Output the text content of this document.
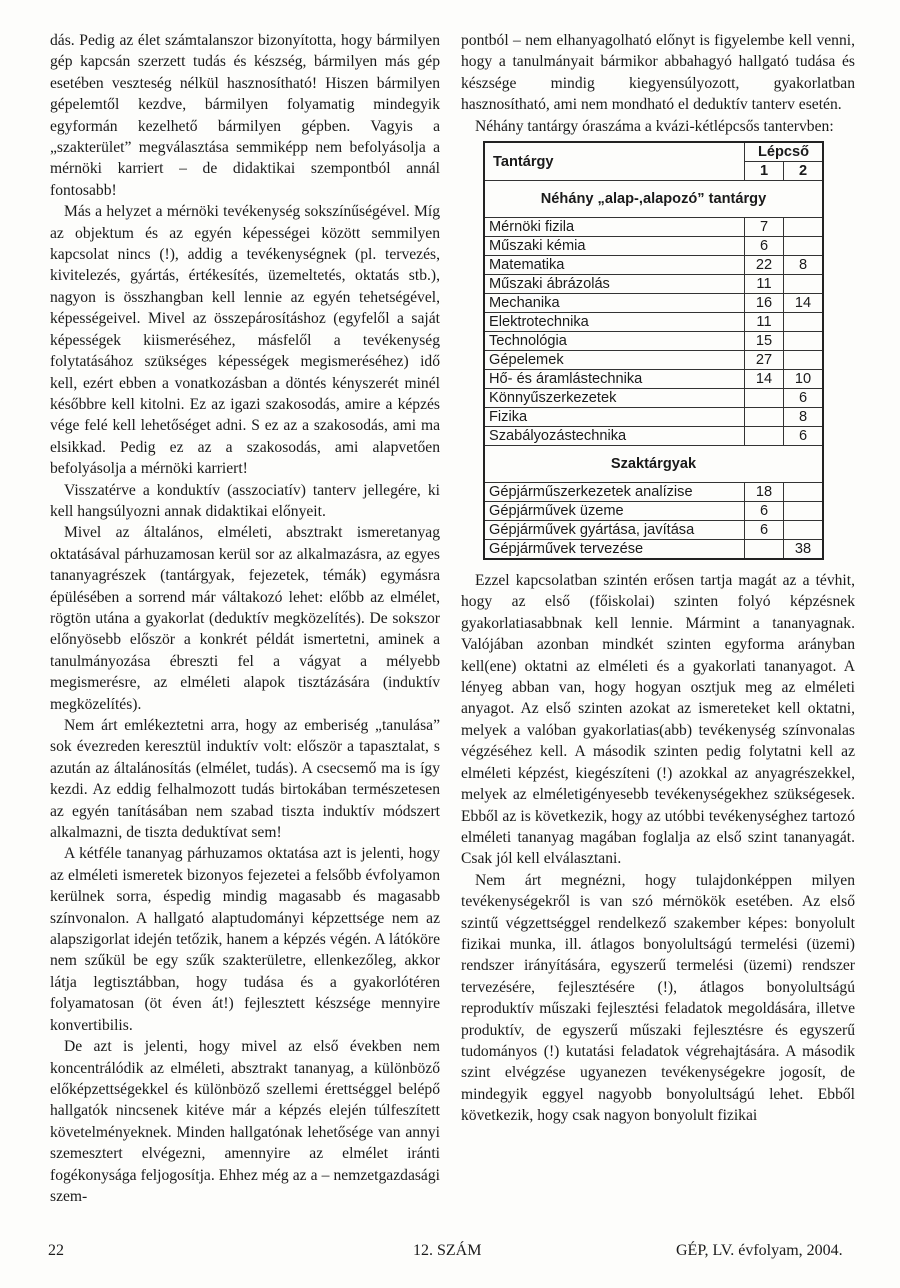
dás. Pedig az élet számtalanszor bizonyította, hogy bármilyen gép kapcsán szerzett tudás és készség, bármilyen más gép esetében veszteség nélkül hasznosítható! Hiszen bármilyen gépelemtől kezdve, bármilyen folyamatig mindegyik egyformán kezelhető bármilyen gépben. Vagyis a „szakterület” megválasztása semmiképp nem befolyásolja a mérnöki karriert – de didaktikai szempontból annál fontosabb!

Más a helyzet a mérnöki tevékenység sokszínűségével. Míg az objektum és az egyén képességei között semmilyen kapcsolat nincs (!), addig a tevékenységnek (pl. tervezés, kivitelezés, gyártás, értékesítés, üzemeltetés, oktatás stb.), nagyon is összhangban kell lennie az egyén tehetségével, képességeivel. Mivel az összepárosításhoz (egyfelől a saját képességek kiismeréséhez, másfelől a tevékenység folytatásához szükséges képességek megismeréséhez) idő kell, ezért ebben a vonatkozásban a döntés kényszerét minél későbbre kell kitolni. Ez az igazi szakosodás, amire a képzés vége felé kell lehetőséget adni. S ez az a szakosodás, ami ma elsikkad. Pedig ez az a szakosodás, ami alapvetően befolyásolja a mérnöki karriert!

Visszatérve a konduktív (asszociatív) tanterv jellegére, ki kell hangsúlyozni annak didaktikai előnyeit.

Mivel az általános, elméleti, absztrakt ismeretanyag oktatásával párhuzamosan kerül sor az alkalmazásra, az egyes tananyagrészek (tantárgyak, fejezetek, témák) egymásra épülésében a sorrend már váltakozó lehet: előbb az elmélet, rögtön utána a gyakorlat (deduktív megközelítés). De sokszor előnyösebb először a konkrét példát ismertetni, aminek a tanulmányozása ébreszti fel a vágyat a mélyebb megismerésre, az elméleti alapok tisztázására (induktív megközelítés).

Nem árt emlékeztetni arra, hogy az emberiség „tanulása” sok évezreden keresztül induktív volt: először a tapasztalat, s azután az általánosítás (elmélet, tudás). A csecsemő ma is így kezdi. Az eddig felhalmozott tudás birtokában természetesen az egyén tanításában nem szabad tiszta induktív módszert alkalmazni, de tiszta deduktívat sem!

A kétféle tananyag párhuzamos oktatása azt is jelenti, hogy az elméleti ismeretek bizonyos fejezetei a felsőbb évfolyamon kerülnek sorra, éspedig mindig magasabb és magasabb színvonalon. A hallgató alaptudományi képzettsége nem az alapszigorlat idején tetőzik, hanem a képzés végén. A látóköre nem szűkül be egy szűk szakterületre, ellenkezőleg, akkor látja legtisztábban, hogy tudása és a gyakorlótéren folyamatosan (öt éven át!) fejlesztett készsége mennyire konvertibilis.

De azt is jelenti, hogy mivel az első években nem koncentrálódik az elméleti, absztrakt tananyag, a különböző előképzettségekkel és különböző szellemi érettséggel belépő hallgatók nincsenek kitéve már a képzés elején túlfeszített követelményeknek. Minden hallgatónak lehetősége van annyi szemesztert elvégezni, amennyire az elmélet iránti fogékonysága feljogosítja. Ehhez még az a – nemzetgazdasági szem-

pontból – nem elhanyagolható előnyt is figyelembe kell venni, hogy a tanulmányait bármikor abbahagyó hallgató tudása és készsége mindig kiegyensúlyozott, gyakorlatban hasznosítható, ami nem mondható el deduktív tanterv esetén.

Néhány tantárgy óraszáma a kvázi-kétlépcsős tantervben:

Tantárgy	Lépcső	
	1	2
Néhány „alap-,alapozó” tantárgy		
Mérnöki fizila	7	
Műszaki kémia	6	
Matematika	22	8
Műszaki ábrázolás	11	
Mechanika	16	14
Elektrotechnika	11	
Technológia	15	
Gépelemek	27	
Hő- és áramlástechnika	14	10
Könnyűszerkezetek		6
Fizika		8
Szabályozástechnika		6
Szaktárgyak		
Gépjárműszerkezetek analízise	18	
Gépjárművek üzeme	6	
Gépjárművek gyártása, javítása	6	
Gépjárművek tervezése		38

Ezzel kapcsolatban szintén erősen tartja magát az a tévhit, hogy az első (főiskolai) szinten folyó képzésnek gyakorlatiasabbnak kell lennie. Mármint a tananyagnak. Valójában azonban mindkét szinten egyforma arányban kell(ene) oktatni az elméleti és a gyakorlati tananyagot. A lényeg abban van, hogy hogyan osztjuk meg az elméleti anyagot. Az első szinten azokat az ismereteket kell oktatni, melyek a valóban gyakorlatias(abb) tevékenység színvonalas végzéséhez kell. A második szinten pedig folytatni kell az elméleti képzést, kiegészíteni (!) azokkal az anyagrészekkel, melyek az elméletigényesebb tevékenységekhez szükségesek. Ebből az is következik, hogy az utóbbi tevékenységhez tartozó elméleti tananyag magában foglalja az első szint tananyagát. Csak jól kell elválasztani.

Nem árt megnézni, hogy tulajdonképpen milyen tevékenységekről is van szó mérnökök esetében. Az első szintű végzettséggel rendelkező szakember képes: bonyolult fizikai munka, ill. átlagos bonyolultságú termelési (üzemi) rendszer irányítására, egyszerű termelési (üzemi) rendszer tervezésére, fejlesztésére (!), átlagos bonyolultságú reproduktív műszaki fejlesztési feladatok megoldására, illetve produktív, de egyszerű műszaki fejlesztésre és egyszerű tudományos (!) kutatási feladatok végrehajtására. A második szint elvégzése ugyanezen tevékenységekre jogosít, de mindegyik eggyel nagyobb bonyolultságú lehet. Ebből következik, hogy csak nagyon bonyolult fizikai

22	12. SZÁM	GÉP, LV. évfolyam, 2004.
